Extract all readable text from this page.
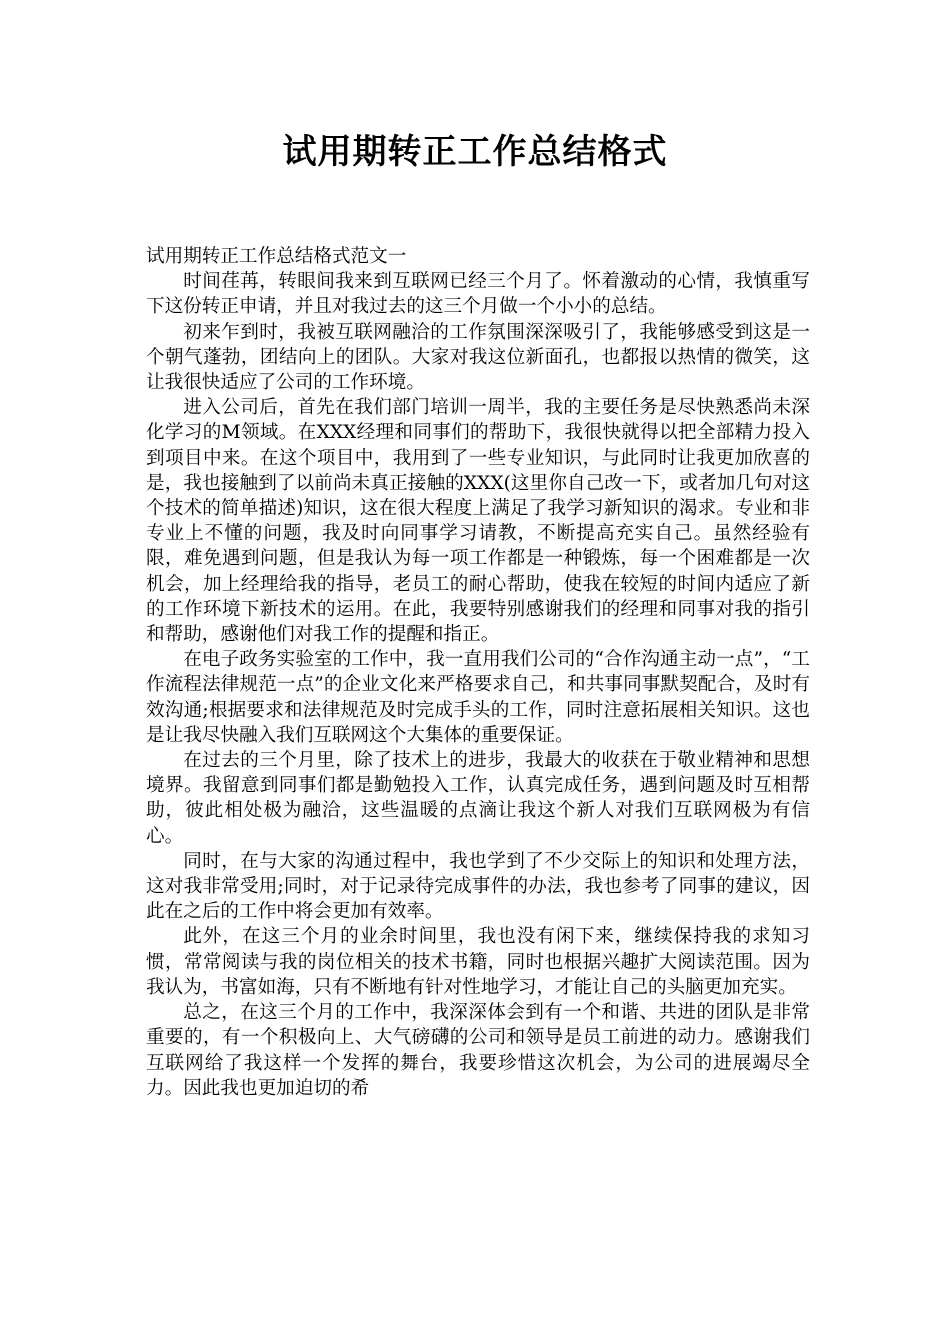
试用期转正工作总结格式

试用期转正工作总结格式范文一

时间荏苒，转眼间我来到互联网已经三个月了。怀着激动的心情，我慎重写下这份转正申请，并且对我过去的这三个月做一个小小的总结。

初来乍到时，我被互联网融洽的工作氛围深深吸引了，我能够感受到这是一个朝气蓬勃，团结向上的团队。大家对我这位新面孔，也都报以热情的微笑，这让我很快适应了公司的工作环境。

进入公司后，首先在我们部门培训一周半，我的主要任务是尽快熟悉尚未深化学习的M领域。在XXX经理和同事们的帮助下，我很快就得以把全部精力投入到项目中来。在这个项目中，我用到了一些专业知识，与此同时让我更加欣喜的是，我也接触到了以前尚未真正接触的XXX(这里你自己改一下，或者加几句对这个技术的简单描述)知识，这在很大程度上满足了我学习新知识的渴求。专业和非专业上不懂的问题，我及时向同事学习请教，不断提高充实自己。虽然经验有限，难免遇到问题，但是我认为每一项工作都是一种锻炼，每一个困难都是一次机会，加上经理给我的指导，老员工的耐心帮助，使我在较短的时间内适应了新的工作环境下新技术的运用。在此，我要特别感谢我们的经理和同事对我的指引和帮助，感谢他们对我工作的提醒和指正。

在电子政务实验室的工作中，我一直用我们公司的“合作沟通主动一点”，“工作流程法律规范一点”的企业文化来严格要求自己，和共事同事默契配合，及时有效沟通;根据要求和法律规范及时完成手头的工作，同时注意拓展相关知识。这也是让我尽快融入我们互联网这个大集体的重要保证。

在过去的三个月里，除了技术上的进步，我最大的收获在于敬业精神和思想境界。我留意到同事们都是勤勉投入工作，认真完成任务，遇到问题及时互相帮助，彼此相处极为融洽，这些温暖的点滴让我这个新人对我们互联网极为有信心。

同时，在与大家的沟通过程中，我也学到了不少交际上的知识和处理方法，这对我非常受用;同时，对于记录待完成事件的办法，我也参考了同事的建议，因此在之后的工作中将会更加有效率。

此外，在这三个月的业余时间里，我也没有闲下来，继续保持我的求知习惯，常常阅读与我的岗位相关的技术书籍，同时也根据兴趣扩大阅读范围。因为我认为，书富如海，只有不断地有针对性地学习，才能让自己的头脑更加充实。

总之，在这三个月的工作中，我深深体会到有一个和谐、共进的团队是非常重要的，有一个积极向上、大气磅礴的公司和领导是员工前进的动力。感谢我们互联网给了我这样一个发挥的舞台，我要珍惜这次机会，为公司的进展竭尽全力。因此我也更加迫切的希
